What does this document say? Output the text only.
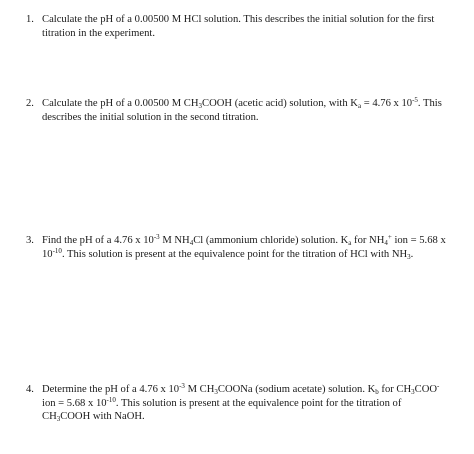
1. Calculate the pH of a 0.00500 M HCl solution. This describes the initial solution for the first titration in the experiment.
2. Calculate the pH of a 0.00500 M $CH_3COOH$ (acetic acid) solution, with $K_a = 4.76$ x $10^{-5}$. This describes the initial solution in the second titration.
3. Find the pH of a 4.76 x $10^{-3}$ M $NH_4Cl$ (ammonium chloride) solution. $K_a$ for $NH_4^+$ ion = 5.68 x $10^{-10}$. This solution is present at the equivalence point for the titration of HCl with $NH_3$.
4. Determine the pH of a 4.76 x $10^{-3}$ M $CH_3COONa$ (sodium acetate) solution. $K_b$ for $CH_3COO^-$ ion = 5.68 x $10^{-10}$. This solution is present at the equivalence point for the titration of $CH_3COOH$ with NaOH.
